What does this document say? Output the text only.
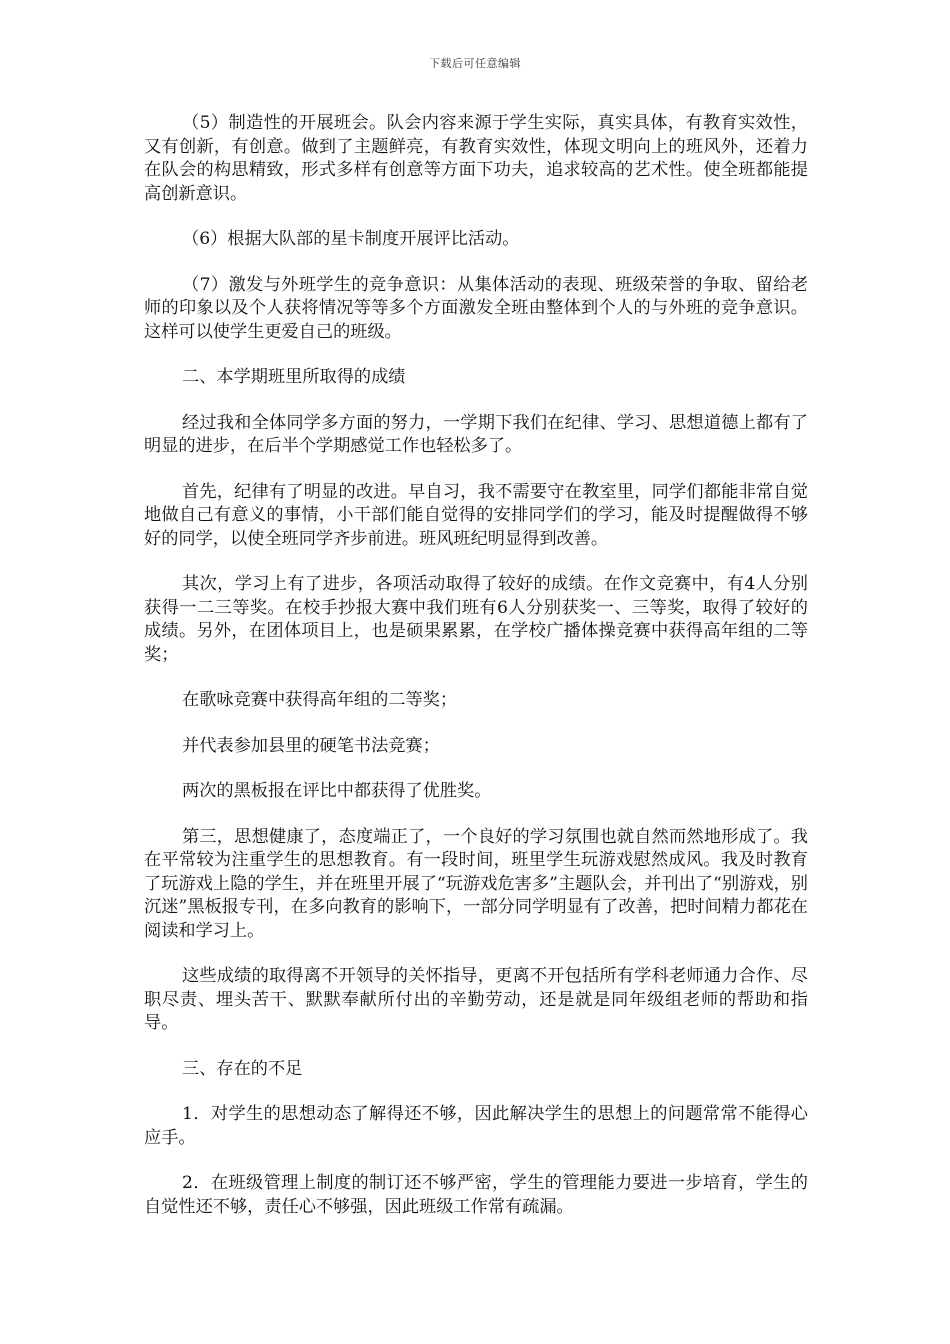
下载后可任意编辑

（5）制造性的开展班会。队会内容来源于学生实际，真实具体，有教育实效性，又有创新，有创意。做到了主题鲜亮，有教育实效性，体现文明向上的班风外，还着力在队会的构思精致，形式多样有创意等方面下功夫，追求较高的艺术性。使全班都能提高创新意识。

（6）根据大队部的星卡制度开展评比活动。

（7）激发与外班学生的竞争意识：从集体活动的表现、班级荣誉的争取、留给老师的印象以及个人获将情况等等多个方面激发全班由整体到个人的与外班的竞争意识。这样可以使学生更爱自己的班级。

二、本学期班里所取得的成绩

经过我和全体同学多方面的努力，一学期下我们在纪律、学习、思想道德上都有了明显的进步，在后半个学期感觉工作也轻松多了。

首先，纪律有了明显的改进。早自习，我不需要守在教室里，同学们都能非常自觉地做自己有意义的事情，小干部们能自觉得的安排同学们的学习，能及时提醒做得不够好的同学，以使全班同学齐步前进。班风班纪明显得到改善。

其次，学习上有了进步，各项活动取得了较好的成绩。在作文竞赛中，有4人分别获得一二三等奖。在校手抄报大赛中我们班有6人分别获奖一、三等奖，取得了较好的成绩。另外，在团体项目上，也是硕果累累，在学校广播体操竞赛中获得高年组的二等奖；

在歌咏竞赛中获得高年组的二等奖；

并代表参加县里的硬笔书法竞赛；

两次的黑板报在评比中都获得了优胜奖。

第三，思想健康了，态度端正了，一个良好的学习氛围也就自然而然地形成了。我在平常较为注重学生的思想教育。有一段时间，班里学生玩游戏慰然成风。我及时教育了玩游戏上隐的学生，并在班里开展了“玩游戏危害多”主题队会，并刊出了“别游戏，别沉迷”黑板报专刊，在多向教育的影响下，一部分同学明显有了改善，把时间精力都花在阅读和学习上。

这些成绩的取得离不开领导的关怀指导，更离不开包括所有学科老师通力合作、尽职尽责、埋头苦干、默默奉献所付出的辛勤劳动，还是就是同年级组老师的帮助和指导。

三、存在的不足

1．对学生的思想动态了解得还不够，因此解决学生的思想上的问题常常不能得心应手。

2．在班级管理上制度的制订还不够严密，学生的管理能力要进一步培育，学生的自觉性还不够，责任心不够强，因此班级工作常有疏漏。
